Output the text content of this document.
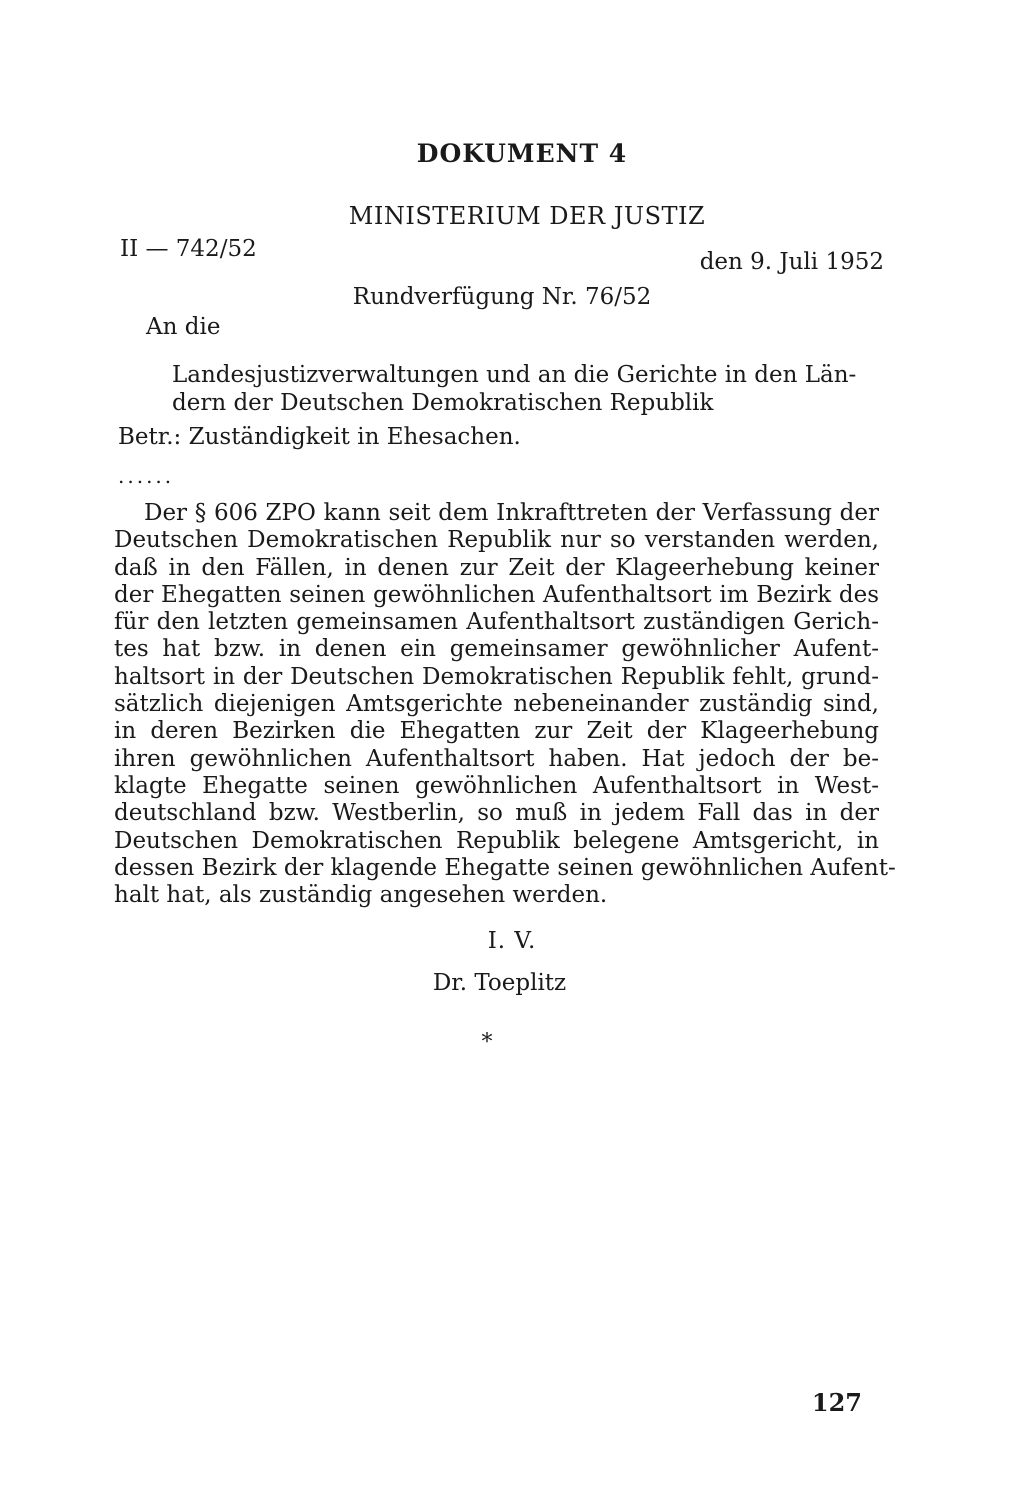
DOKUMENT 4
MINISTERIUM DER JUSTIZ
II — 742/52	den 9. Juli 1952
Rundverfügung Nr. 76/52
An die
Landesjustizverwaltungen und an die Gerichte in den Län-
dern der Deutschen Demokratischen Republik
Betr.: Zuständigkeit in Ehesachen.
......
Der § 606 ZPO kann seit dem Inkrafttreten der Verfassung der
Deutschen Demokratischen Republik nur so verstanden werden,
daß in den Fällen, in denen zur Zeit der Klageerhebung keiner
der Ehegatten seinen gewöhnlichen Aufenthaltsort im Bezirk des
für den letzten gemeinsamen Aufenthaltsort zuständigen Gerich-
tes hat bzw. in denen ein gemeinsamer gewöhnlicher Aufent-
haltsort in der Deutschen Demokratischen Republik fehlt, grund-
sätzlich diejenigen Amtsgerichte nebeneinander zuständig sind,
in deren Bezirken die Ehegatten zur Zeit der Klageerhebung
ihren gewöhnlichen Aufenthaltsort haben. Hat jedoch der be-
klagte Ehegatte seinen gewöhnlichen Aufenthaltsort in West-
deutschland bzw. Westberlin, so muß in jedem Fall das in der
Deutschen Demokratischen Republik belegene Amtsgericht, in
dessen Bezirk der klagende Ehegatte seinen gewöhnlichen Aufent-
halt hat, als zuständig angesehen werden.
I. V.
Dr. Toeplitz
*
127
